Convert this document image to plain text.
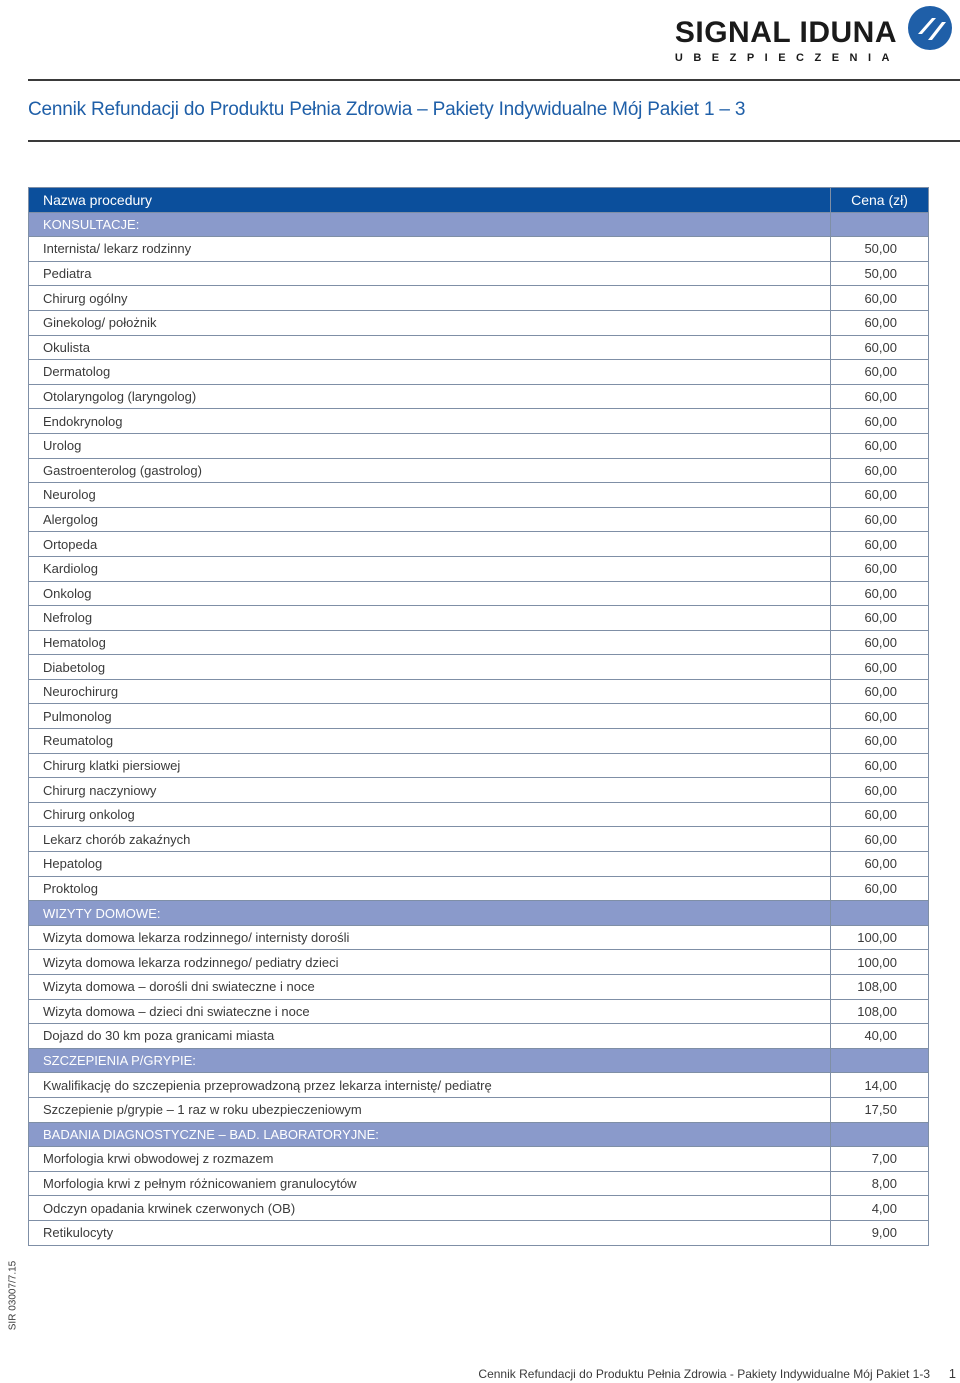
SIGNAL IDUNA
UBEZPIECZENIA
Cennik Refundacji do Produktu Pełnia Zdrowia – Pakiety Indywidualne Mój Pakiet 1 – 3
Nazwa procedury	Cena (zł)
KONSULTACJE:	
Internista/ lekarz rodzinny	50,00
Pediatra	50,00
Chirurg ogólny	60,00
Ginekolog/ położnik	60,00
Okulista	60,00
Dermatolog	60,00
Otolaryngolog (laryngolog)	60,00
Endokrynolog	60,00
Urolog	60,00
Gastroenterolog (gastrolog)	60,00
Neurolog	60,00
Alergolog	60,00
Ortopeda	60,00
Kardiolog	60,00
Onkolog	60,00
Nefrolog	60,00
Hematolog	60,00
Diabetolog	60,00
Neurochirurg	60,00
Pulmonolog	60,00
Reumatolog	60,00
Chirurg klatki piersiowej	60,00
Chirurg naczyniowy	60,00
Chirurg onkolog	60,00
Lekarz chorób zakaźnych	60,00
Hepatolog	60,00
Proktolog	60,00
WIZYTY DOMOWE:	
Wizyta domowa lekarza rodzinnego/ internisty dorośli	100,00
Wizyta domowa lekarza rodzinnego/ pediatry dzieci	100,00
Wizyta domowa – dorośli dni swiateczne i noce	108,00
Wizyta domowa – dzieci dni swiateczne i noce	108,00
Dojazd do 30 km poza granicami miasta	40,00
SZCZEPIENIA P/GRYPIE:	
Kwalifikację do szczepienia przeprowadzoną przez lekarza internistę/ pediatrę	14,00
Szczepienie p/grypie – 1 raz w roku ubezpieczeniowym	17,50
BADANIA DIAGNOSTYCZNE – BAD. LABORATORYJNE:	
Morfologia krwi obwodowej z rozmazem	7,00
Morfologia krwi z pełnym różnicowaniem granulocytów	8,00
Odczyn opadania krwinek czerwonych (OB)	4,00
Retikulocyty	9,00
SIR 03007/7.15
Cennik Refundacji do Produktu Pełnia Zdrowia - Pakiety Indywidualne Mój Pakiet 1-3 1
